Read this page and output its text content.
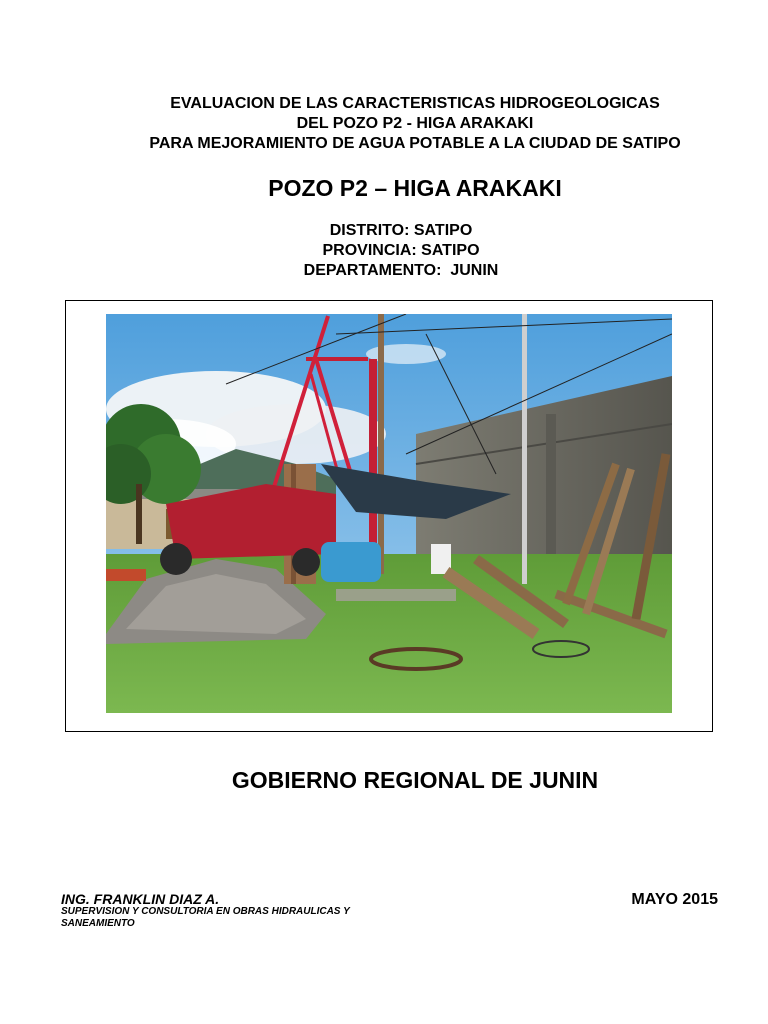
EVALUACION DE LAS CARACTERISTICAS HIDROGEOLOGICAS
DEL POZO P2 - HIGA ARAKAKI
PARA MEJORAMIENTO DE AGUA POTABLE A LA CIUDAD DE SATIPO
POZO P2 – HIGA ARAKAKI
DISTRITO: SATIPO
PROVINCIA: SATIPO
DEPARTAMENTO:  JUNIN
GOBIERNO REGIONAL DE JUNIN
ING. FRANKLIN DIAZ A.
SUPERVISION Y CONSULTORIA EN OBRAS HIDRAULICAS Y SANEAMIENTO
MAYO 2015
